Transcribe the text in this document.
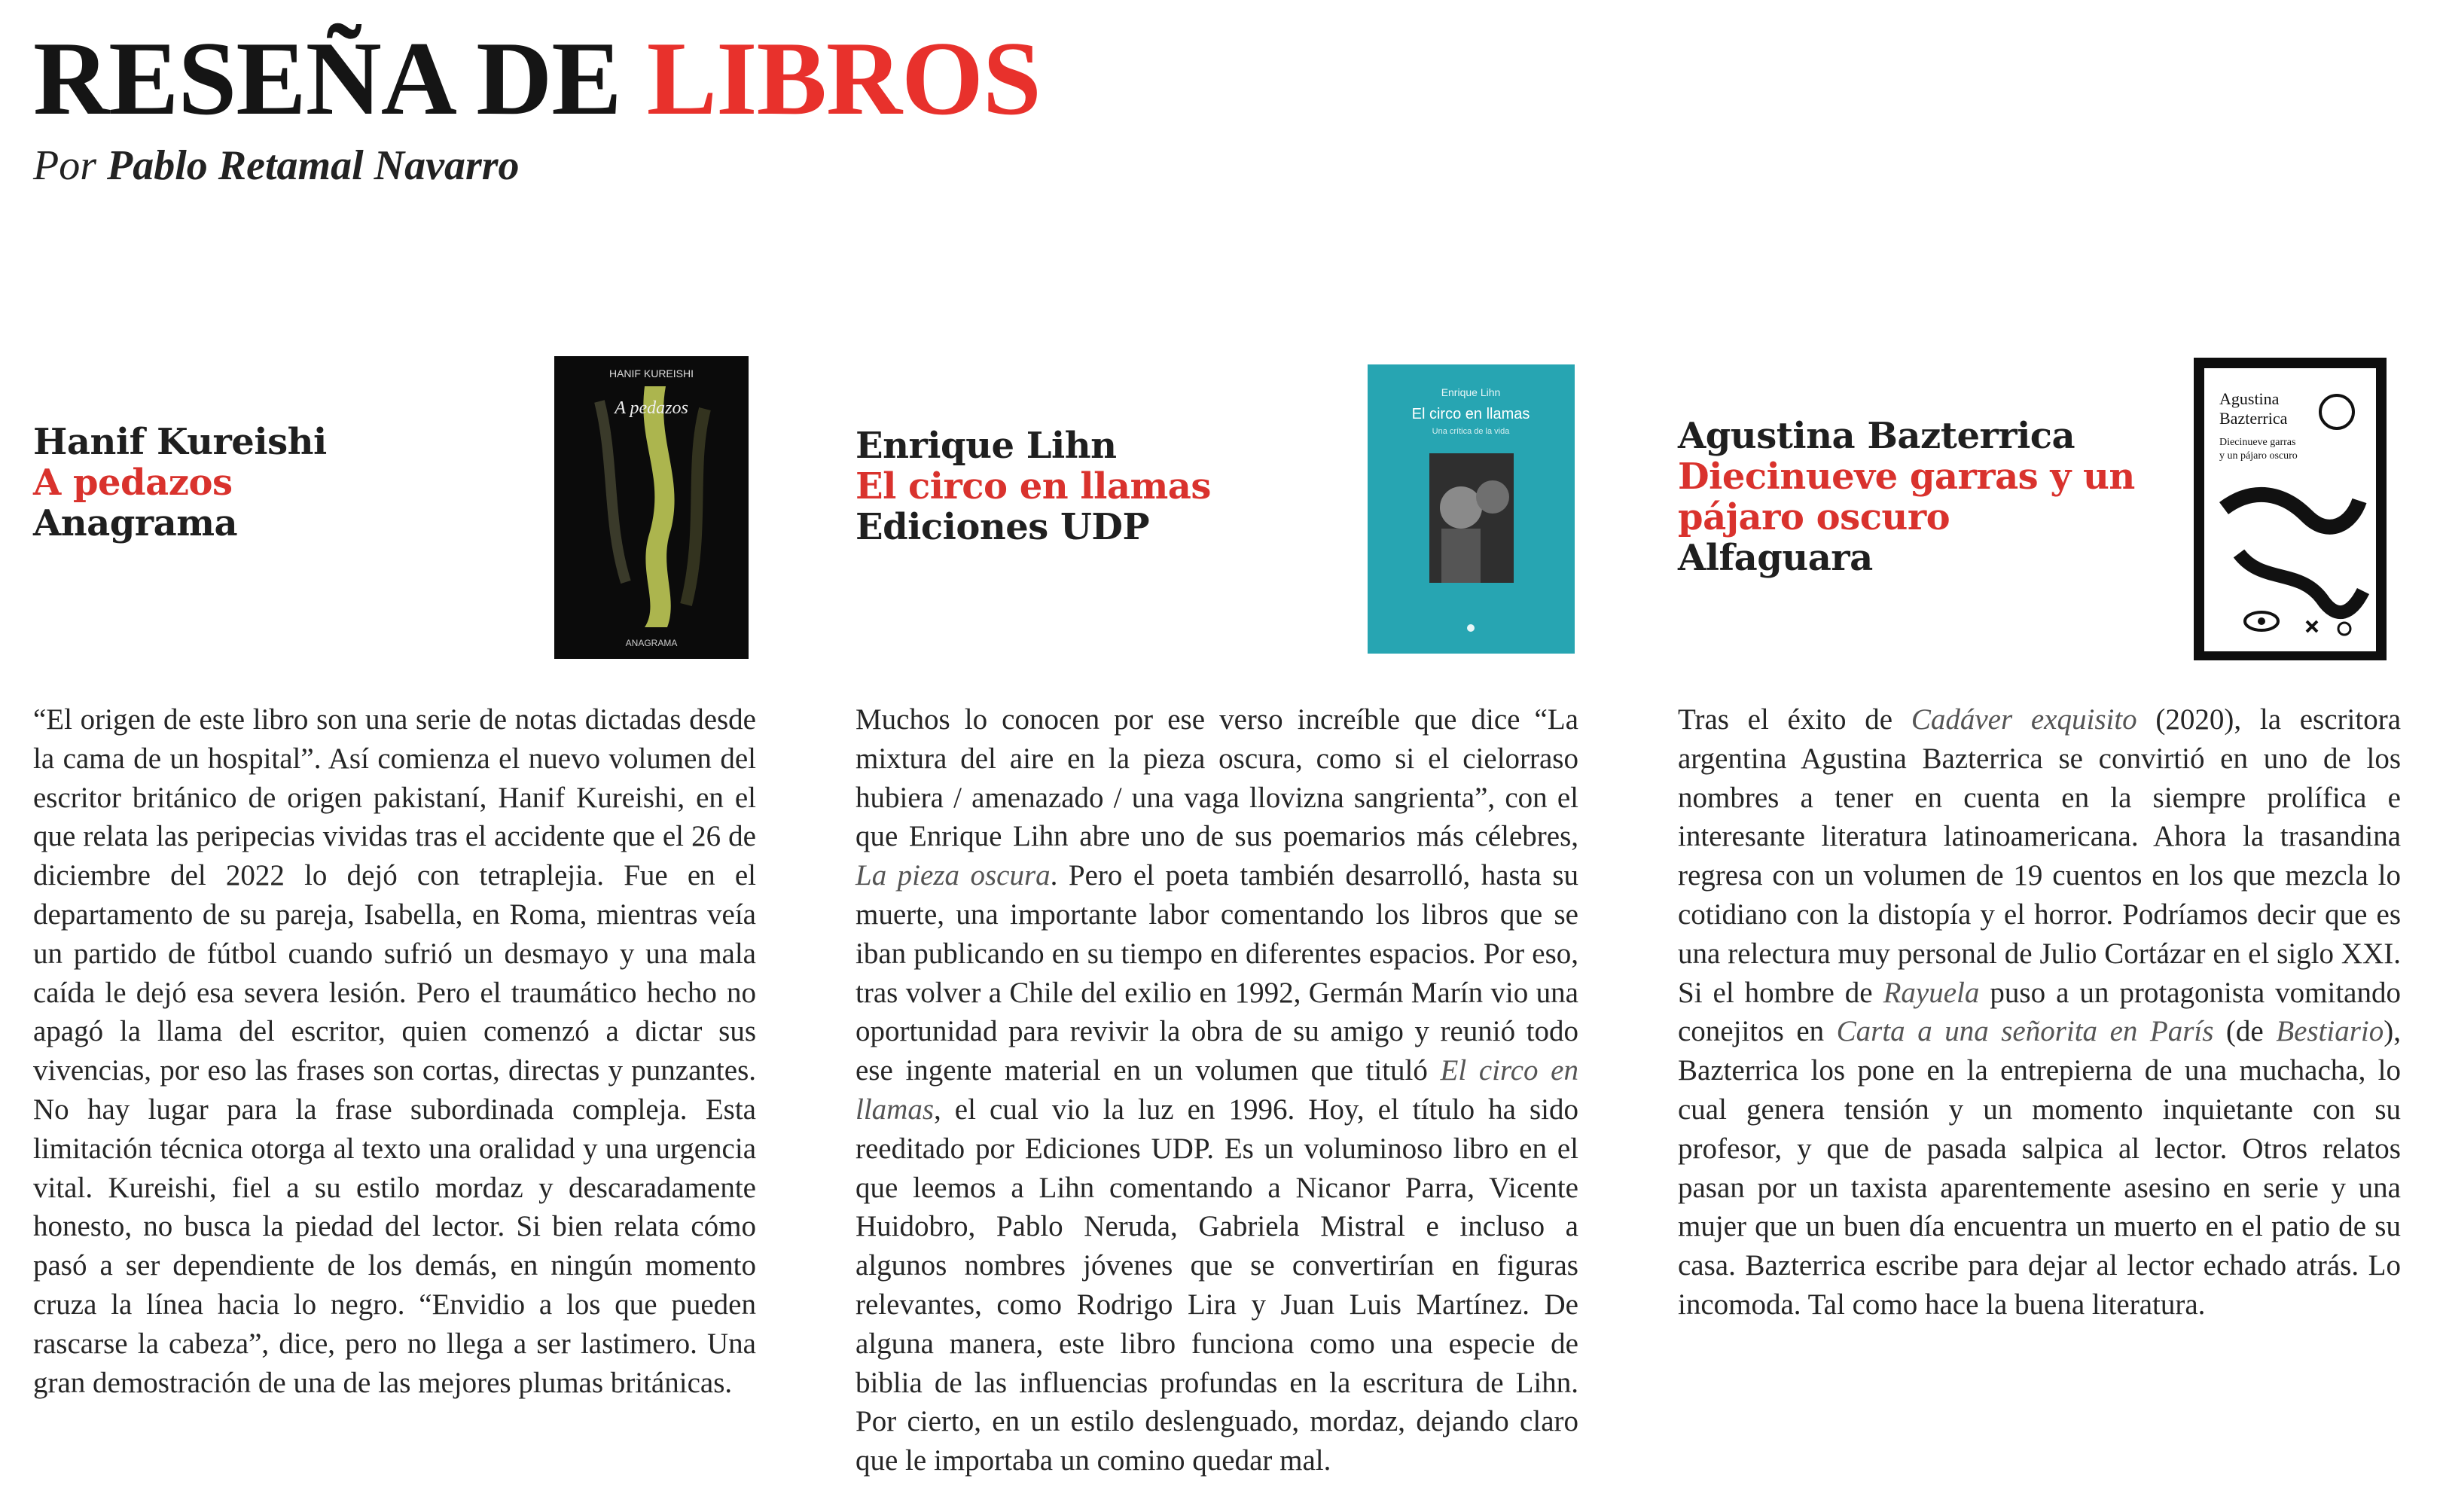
RESEÑA DE LIBROS
Por Pablo Retamal Navarro
Hanif Kureishi
A pedazos
Anagrama
HANIF KUREISHI
A pedazos
ANAGRAMA

“El origen de este libro son una serie de notas dictadas desde la cama de un hospital”. Así comienza el nuevo volumen del escritor británico de origen pakistaní, Hanif Kureishi, en el que relata las peripecias vividas tras el accidente que el 26 de diciembre del 2022 lo dejó con tetraplejia. Fue en el departamento de su pareja, Isabella, en Roma, mientras veía un partido de fútbol cuando sufrió un desmayo y una mala caída le dejó esa severa lesión. Pero el traumático hecho no apagó la llama del escritor, quien comenzó a dictar sus vivencias, por eso las frases son cortas, directas y punzantes. No hay lugar para la frase subordinada compleja. Esta limitación técnica otorga al texto una oralidad y una urgencia vital. Kureishi, fiel a su estilo mordaz y descaradamente honesto, no busca la piedad del lector. Si bien relata cómo pasó a ser dependiente de los demás, en ningún momento cruza la línea hacia lo negro. “Envidio a los que pueden rascarse la cabeza”, dice, pero no llega a ser lastimero. Una gran demostración de una de las mejores plumas británicas.

Enrique Lihn
El circo en llamas
Ediciones UDP
Enrique Lihn
El circo en llamas
Una crítica de la vida

Muchos lo conocen por ese verso increíble que dice “La mixtura del aire en la pieza oscura, como si el cielorraso hubiera / amenazado / una vaga llovizna sangrienta”, con el que Enrique Lihn abre uno de sus poemarios más célebres, La pieza oscura. Pero el poeta también desarrolló, hasta su muerte, una importante labor comentando los libros que se iban publicando en su tiempo en diferentes espacios. Por eso, tras volver a Chile del exilio en 1992, Germán Marín vio una oportunidad para revivir la obra de su amigo y reunió todo ese ingente material en un volumen que tituló El circo en llamas, el cual vio la luz en 1996. Hoy, el título ha sido reeditado por Ediciones UDP. Es un voluminoso libro en el que leemos a Lihn comentando a Nicanor Parra, Vicente Huidobro, Pablo Neruda, Gabriela Mistral e incluso a algunos nombres jóvenes que se convertirían en figuras relevantes, como Rodrigo Lira y Juan Luis Martínez. De alguna manera, este libro funciona como una especie de biblia de las influencias profundas en la escritura de Lihn. Por cierto, en un estilo deslenguado, mordaz, dejando claro que le importaba un comino quedar mal.

Agustina Bazterrica
Diecinueve garras y un
pájaro oscuro
Alfaguara
Agustina
Bazterrica
Diecinueve garras
y un pájaro oscuro

Tras el éxito de Cadáver exquisito (2020), la escritora argentina Agustina Bazterrica se convirtió en uno de los nombres a tener en cuenta en la siempre prolífica e interesante literatura latinoamericana. Ahora la trasandina regresa con un volumen de 19 cuentos en los que mezcla lo cotidiano con la distopía y el horror. Podríamos decir que es una relectura muy personal de Julio Cortázar en el siglo XXI. Si el hombre de Rayuela puso a un protagonista vomitando conejitos en Carta a una señorita en París (de Bestiario), Bazterrica los pone en la entrepierna de una muchacha, lo cual genera tensión y un momento inquietante con su profesor, y que de pasada salpica al lector. Otros relatos pasan por un taxista aparentemente asesino en serie y una mujer que un buen día encuentra un muerto en el patio de su casa. Bazterrica escribe para dejar al lector echado atrás. Lo incomoda. Tal como hace la buena literatura.
